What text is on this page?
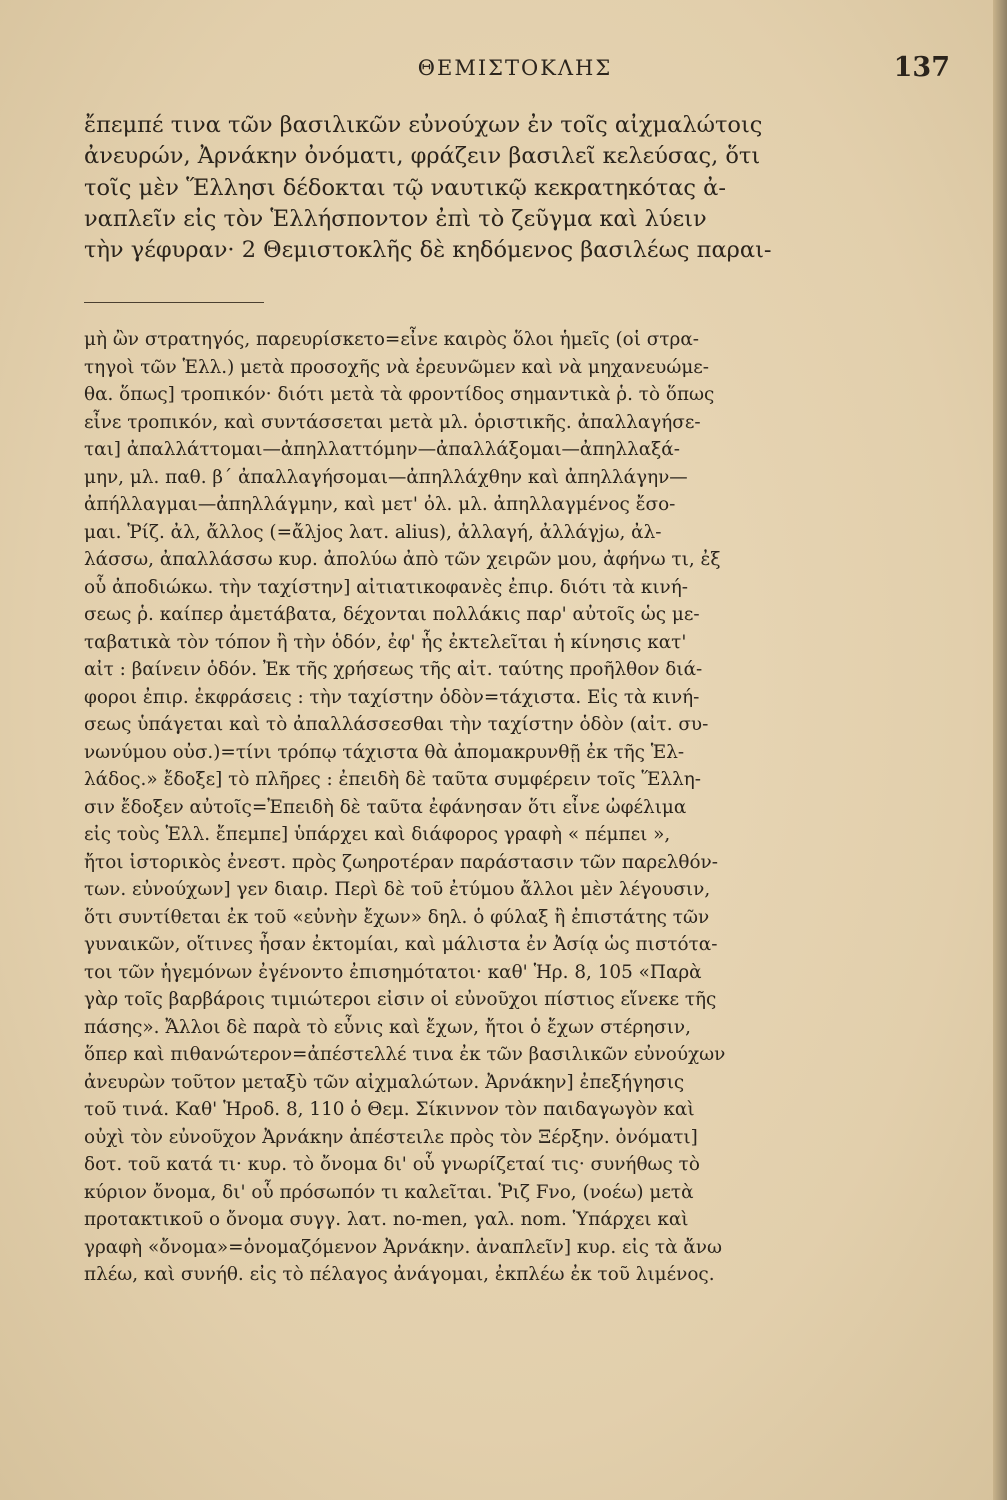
ΘΕΜΙΣΤΟΚΛΗΣ	137
ἔπεμπέ τινα τῶν βασιλικῶν εὐνούχων ἐν τοῖς αἰχμαλώτοις
ἀνευρών, Ἀρνάκην ὀνόματι, φράζειν βασιλεῖ κελεύσας, ὅτι
τοῖς μὲν Ἕλλησι δέδοκται τῷ ναυτικῷ κεκρατηκότας ἀ-
ναπλεῖν εἰς τὸν Ἑλλήσποντον ἐπὶ τὸ ζεῦγμα καὶ λύειν
τὴν γέφυραν· 2 Θεμιστοκλῆς δὲ κηδόμενος βασιλέως παραι-
μὴ ὢν στρατηγός, παρευρίσκετο=εἶνε καιρὸς ὅλοι ἡμεῖς (οἱ στρα-
τηγοὶ τῶν Ἑλλ.) μετὰ προσοχῆς νὰ ἐρευνῶμεν καὶ νὰ μηχανευώμε-
θα. ὅπως] τροπικόν· διότι μετὰ τὰ φροντίδος σημαντικὰ ῥ. τὸ ὅπως
εἶνε τροπικόν, καὶ συντάσσεται μετὰ μλ. ὁριστικῆς. ἀπαλλαγήσε-
ται] ἀπαλλάττομαι—ἀπηλλαττόμην—ἀπαλλάξομαι—ἀπηλλαξά-
μην, μλ. παθ. β´ ἀπαλλαγήσομαι—ἀπηλλάχθην καὶ ἀπηλλάγην—
ἀπήλλαγμαι—ἀπηλλάγμην, καὶ μετ' ὀλ. μλ. ἀπηλλαγμένος ἔσο-
μαι. Ῥίζ. ἀλ, ἄλλος (=ἄλjος λατ. alius), ἀλλαγή, ἀλλάγjω, ἀλ-
λάσσω, ἀπαλλάσσω κυρ. ἀπολύω ἀπὸ τῶν χειρῶν μου, ἀφήνω τι, ἐξ
οὗ ἀποδιώκω. τὴν ταχίστην] αἰτιατικοφανὲς ἐπιρ. διότι τὰ κινή-
σεως ῥ. καίπερ ἀμετάβατα, δέχονται πολλάκις παρ' αὐτοῖς ὡς με-
ταβατικὰ τὸν τόπον ἢ τὴν ὁδόν, ἐφ' ἧς ἐκτελεῖται ἡ κίνησις κατ'
αἰτ : βαίνειν ὁδόν. Ἐκ τῆς χρήσεως τῆς αἰτ. ταύτης προῆλθον διά-
φοροι ἐπιρ. ἐκφράσεις : τὴν ταχίστην ὁδὸν=τάχιστα. Εἰς τὰ κινή-
σεως ὑπάγεται καὶ τὸ ἀπαλλάσσεσθαι τὴν ταχίστην ὁδὸν (αἰτ. συ-
νωνύμου οὐσ.)=τίνι τρόπῳ τάχιστα θὰ ἀπομακρυνθῇ ἐκ τῆς Ἑλ-
λάδος.» ἔδοξε] τὸ πλῆρες : ἐπειδὴ δὲ ταῦτα συμφέρειν τοῖς Ἕλλη-
σιν ἔδοξεν αὐτοῖς=Ἐπειδὴ δὲ ταῦτα ἐφάνησαν ὅτι εἶνε ὠφέλιμα
εἰς τοὺς Ἑλλ. ἔπεμπε] ὑπάρχει καὶ διάφορος γραφὴ « πέμπει »,
ἤτοι ἱστορικὸς ἐνεστ. πρὸς ζωηροτέραν παράστασιν τῶν παρελθόν-
των. εὐνούχων] γεν διαιρ. Περὶ δὲ τοῦ ἐτύμου ἄλλοι μὲν λέγουσιν,
ὅτι συντίθεται ἐκ τοῦ «εὐνὴν ἔχων» δηλ. ὁ φύλαξ ἢ ἐπιστάτης τῶν
γυναικῶν, οἵτινες ἦσαν ἐκτομίαι, καὶ μάλιστα ἐν Ἀσίᾳ ὡς πιστότα-
τοι τῶν ἡγεμόνων ἐγένοντο ἐπισημότατοι· καθ' Ἡρ. 8, 105 «Παρὰ
γὰρ τοῖς βαρβάροις τιμιώτεροι εἰσιν οἱ εὐνοῦχοι πίστιος εἵνεκε τῆς
πάσης». Ἄλλοι δὲ παρὰ τὸ εὖνις καὶ ἔχων, ἤτοι ὁ ἔχων στέρησιν,
ὅπερ καὶ πιθανώτερον=ἀπέστελλέ τινα ἐκ τῶν βασιλικῶν εὐνούχων
ἀνευρὼν τοῦτον μεταξὺ τῶν αἰχμαλώτων. Ἀρνάκην] ἐπεξήγησις
τοῦ τινά. Καθ' Ἡροδ. 8, 110 ὁ Θεμ. Σίκιννον τὸν παιδαγωγὸν καὶ
οὐχὶ τὸν εὐνοῦχον Ἀρνάκην ἀπέστειλε πρὸς τὸν Ξέρξην. ὀνόματι]
δοτ. τοῦ κατά τι· κυρ. τὸ ὄνομα δι' οὗ γνωρίζεταί τις· συνήθως τὸ
κύριον ὄνομα, δι' οὗ πρόσωπόν τι καλεῖται. Ῥιζ Fνο, (νοέω) μετὰ
προτακτικοῦ ο ὄνομα συγγ. λατ. no-men, γαλ. nom. Ὑπάρχει καὶ
γραφὴ «ὄνομα»=ὀνομαζόμενον Ἀρνάκην. ἀναπλεῖν] κυρ. εἰς τὰ ἄνω
πλέω, καὶ συνήθ. εἰς τὸ πέλαγος ἀνάγομαι, ἐκπλέω ἐκ τοῦ λιμένος.
